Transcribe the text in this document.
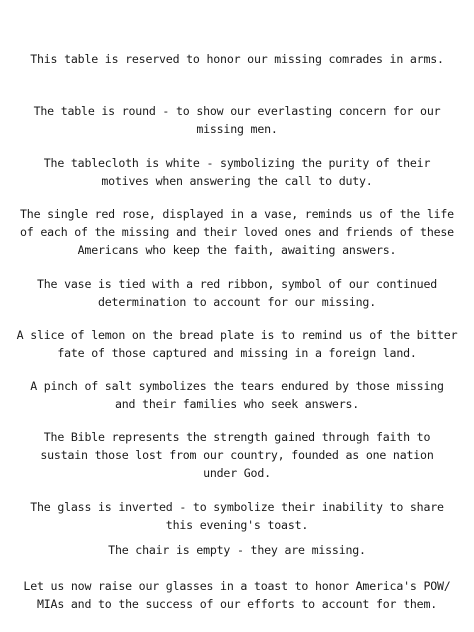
This table is reserved to honor our missing comrades in arms.

The table is round - to show our everlasting concern for our
missing men.

The tablecloth is white - symbolizing the purity of their
motives when answering the call to duty.

The single red rose, displayed in a vase, reminds us of the life
of each of the missing and their loved ones and friends of these
Americans who keep the faith, awaiting answers.

The vase is tied with a red ribbon, symbol of our continued
determination to account for our missing.

A slice of lemon on the bread plate is to remind us of the bitter
fate of those captured and missing in a foreign land.

A pinch of salt symbolizes the tears endured by those missing
and their families who seek answers.

The Bible represents the strength gained through faith to
sustain those lost from our country, founded as one nation
under God.

The glass is inverted - to symbolize their inability to share
this evening's toast.

The chair is empty - they are missing.

Let us now raise our glasses in a toast to honor America's POW/
MIAs and to the success of our efforts to account for them.
